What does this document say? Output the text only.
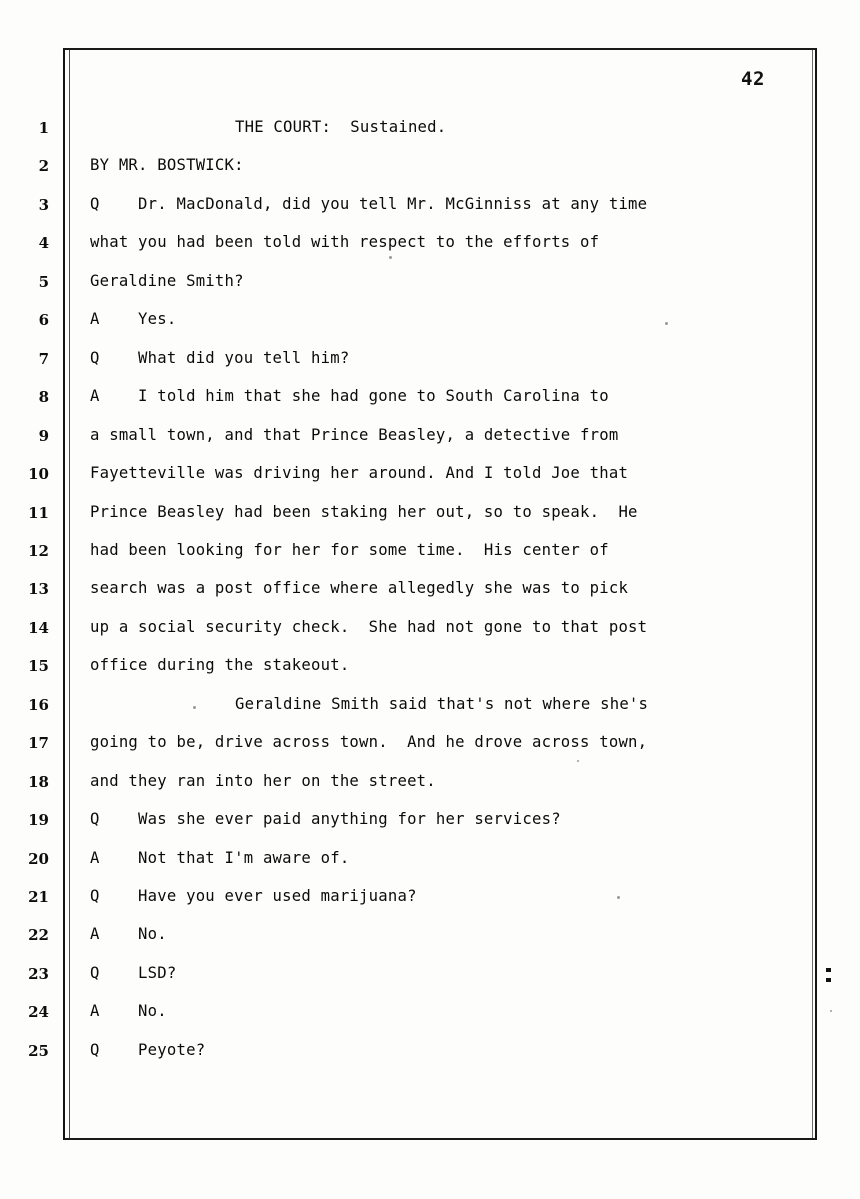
42
1
2
3
4
5
6
7
8
9
10
11
12
13
14
15
16
17
18
19
20
21
22
23
24
25
THE COURT:  Sustained.
BY MR. BOSTWICK:
Q    Dr. MacDonald, did you tell Mr. McGinniss at any time
what you had been told with respect to the efforts of
Geraldine Smith?
A    Yes.
Q    What did you tell him?
A    I told him that she had gone to South Carolina to
a small town, and that Prince Beasley, a detective from
Fayetteville was driving her around. And I told Joe that
Prince Beasley had been staking her out, so to speak.  He
had been looking for her for some time.  His center of
search was a post office where allegedly she was to pick
up a social security check.  She had not gone to that post
office during the stakeout.
Geraldine Smith said that's not where she's
going to be, drive across town.  And he drove across town,
and they ran into her on the street.
Q    Was she ever paid anything for her services?
A    Not that I'm aware of.
Q    Have you ever used marijuana?
A    No.
Q    LSD?
A    No.
Q    Peyote?
